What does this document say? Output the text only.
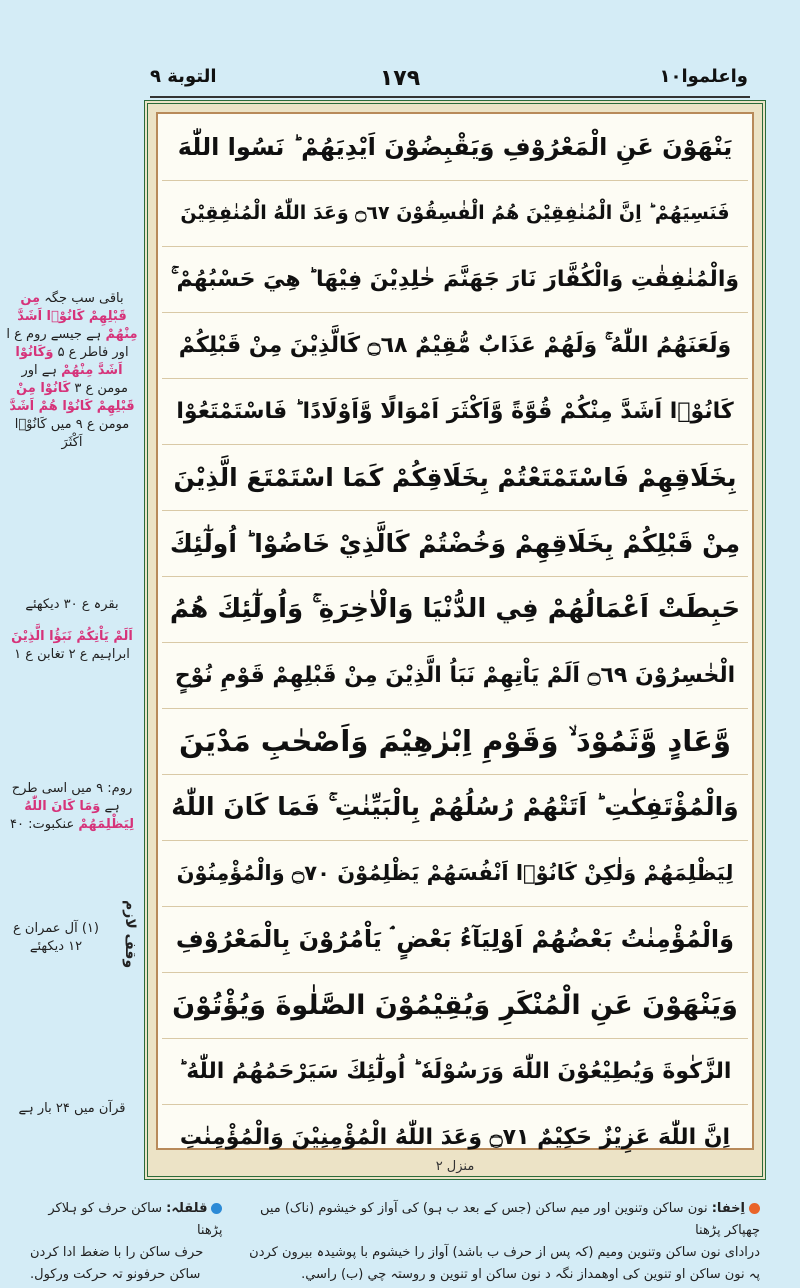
واعلموا١٠
١٧٩
التوبة ٩
باقی سب جگہ مِن قَبْلِهِمْ كَانُوْۤا اَشَدَّ مِنْهُمْ ہے جیسے روم ع ا اور فاطر ع ۵ وَكَانُوْا اَشَدَّ مِنْهُمْ ہے اور مومن ع ۳ كَانُوْا مِنْ قَبْلِهِمْ كَانُوْا هُمْ اَشَدَّ مومن ع ۹ میں كَانُوْۤا اَكْثَرَ
بقرہ ع ۳۰ دیکھئے
اَلَمْ يَاْتِكُمْ نَبَؤُا الَّذِيْنَ ابراہیم ع ۲ تغابن ع ۱
روم: ۹ میں اسی طرح ہے وَمَا كَانَ اللّٰهُ لِيَظْلِمَهُمْ عنکبوت: ۴۰
(۱) آل عمران ع ۱۲ دیکھئے	وقف لازم
قرآن میں ۲۴ بار ہے
يَنْهَوْنَ عَنِ الْمَعْرُوْفِ وَيَقْبِضُوْنَ اَيْدِيَهُمْ ؕ نَسُوا اللّٰهَ
فَنَسِيَهُمْ ؕ اِنَّ الْمُنٰفِقِيْنَ هُمُ الْفٰسِقُوْنَ ۝٦٧ وَعَدَ اللّٰهُ الْمُنٰفِقِيْنَ
وَالْمُنٰفِقٰتِ وَالْكُفَّارَ نَارَ جَهَنَّمَ خٰلِدِيْنَ فِيْهَا ؕ هِيَ حَسْبُهُمْ ۚ
وَلَعَنَهُمُ اللّٰهُ ۚ وَلَهُمْ عَذَابٌ مُّقِيْمٌ ۝٦٨ كَالَّذِيْنَ مِنْ قَبْلِكُمْ
كَانُوْۤا اَشَدَّ مِنْكُمْ قُوَّةً وَّاَكْثَرَ اَمْوَالًا وَّاَوْلَادًا ؕ فَاسْتَمْتَعُوْا
بِخَلَاقِهِمْ فَاسْتَمْتَعْتُمْ بِخَلَاقِكُمْ كَمَا اسْتَمْتَعَ الَّذِيْنَ
مِنْ قَبْلِكُمْ بِخَلَاقِهِمْ وَخُضْتُمْ كَالَّذِيْ خَاضُوْا ؕ اُولٰٓئِكَ
حَبِطَتْ اَعْمَالُهُمْ فِي الدُّنْيَا وَالْاٰخِرَةِ ۚ وَاُولٰٓئِكَ هُمُ
الْخٰسِرُوْنَ ۝٦٩ اَلَمْ يَاْتِهِمْ نَبَاُ الَّذِيْنَ مِنْ قَبْلِهِمْ قَوْمِ نُوْحٍ
وَّعَادٍ وَّثَمُوْدَ ۙ وَقَوْمِ اِبْرٰهِيْمَ وَاَصْحٰبِ مَدْيَنَ
وَالْمُؤْتَفِكٰتِ ؕ اَتَتْهُمْ رُسُلُهُمْ بِالْبَيِّنٰتِ ۚ فَمَا كَانَ اللّٰهُ
لِيَظْلِمَهُمْ وَلٰكِنْ كَانُوْۤا اَنْفُسَهُمْ يَظْلِمُوْنَ ۝٧٠ وَالْمُؤْمِنُوْنَ
وَالْمُؤْمِنٰتُ بَعْضُهُمْ اَوْلِيَآءُ بَعْضٍ ۘ يَاْمُرُوْنَ بِالْمَعْرُوْفِ
وَيَنْهَوْنَ عَنِ الْمُنْكَرِ وَيُقِيْمُوْنَ الصَّلٰوةَ وَيُؤْتُوْنَ
الزَّكٰوةَ وَيُطِيْعُوْنَ اللّٰهَ وَرَسُوْلَهٗ ؕ اُولٰٓئِكَ سَيَرْحَمُهُمُ اللّٰهُ ؕ
اِنَّ اللّٰهَ عَزِيْزٌ حَكِيْمٌ ۝٧١ وَعَدَ اللّٰهُ الْمُؤْمِنِيْنَ وَالْمُؤْمِنٰتِ
منزل ۲
اِخفا: نون ساکن وتنوین اور میم ساکن (جس کے بعد ب ہو) کی آواز کو خیشوم (ناک) میں چھپاکر پڑھنا
قلقلہ: ساکن حرف کو ہلاکر پڑھنا
درادای نون ساکن وتنوین ومیم (کہ پس از حرف ب باشد) آواز را خیشوم با پوشیدہ بیرون کردن
حرف ساکن را با ضغط ادا کردن
پہ نون ساکن او تنوین کی اوهمداز نگہ د نون ساکن او تنوین و روستہ چي (ب) راسي.
ساکن حرفونو تہ حرکت ورکول.
